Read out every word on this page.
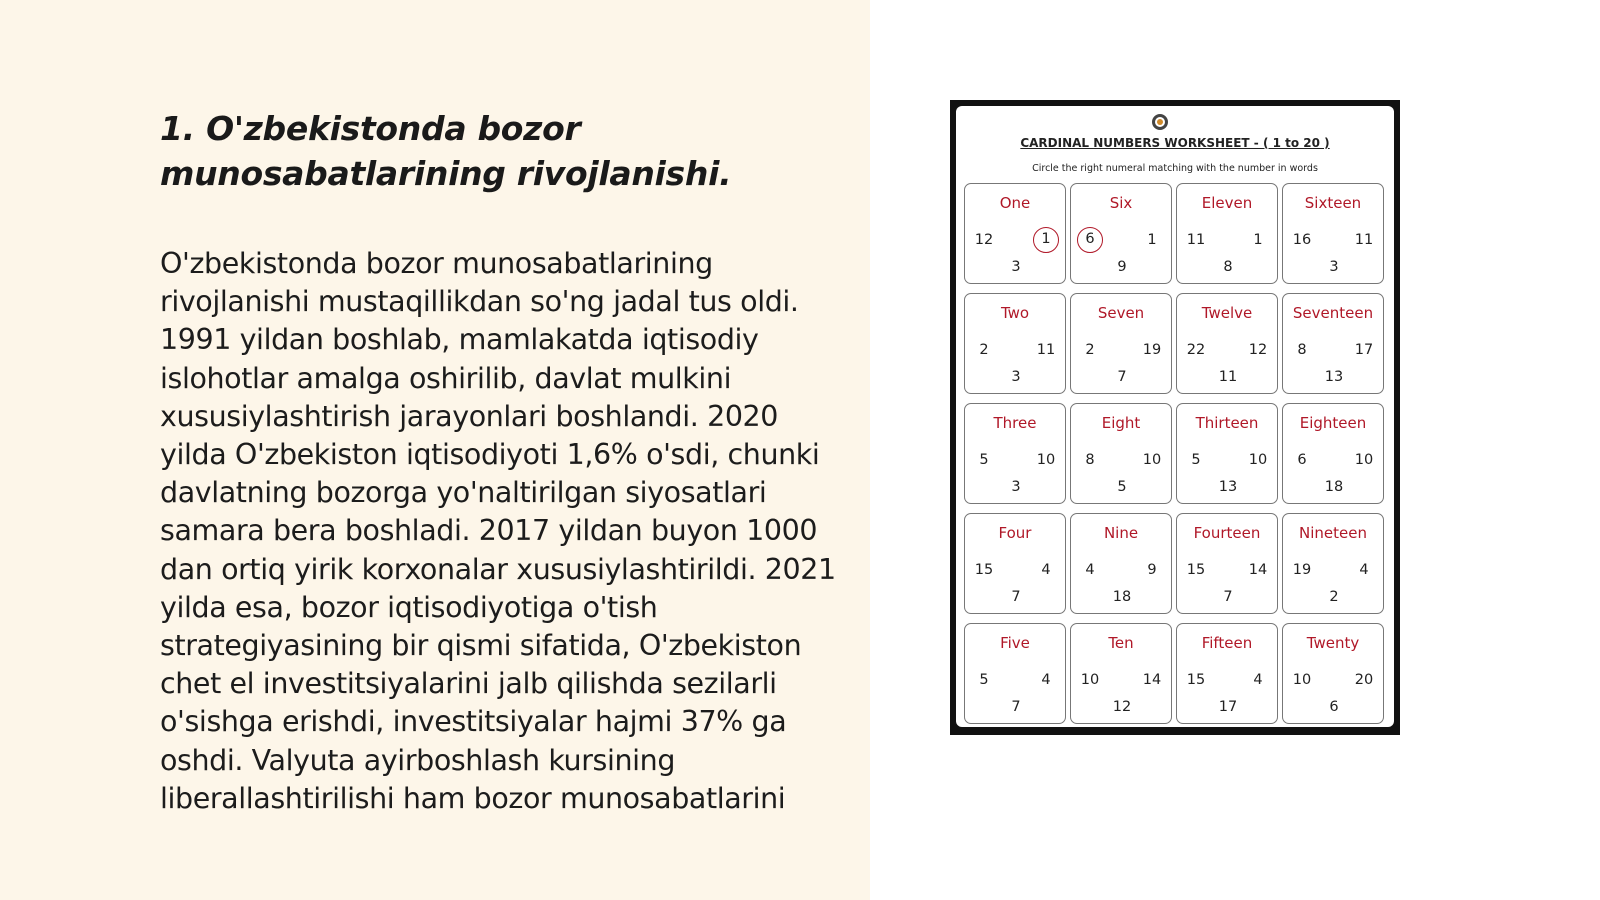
1. O'zbekistonda bozor munosabatlarining rivojlanishi.

O'zbekistonda bozor munosabatlarining rivojlanishi mustaqillikdan so'ng jadal tus oldi. 1991 yildan boshlab, mamlakatda iqtisodiy islohotlar amalga oshirilib, davlat mulkini xususiylashtirish jarayonlari boshlandi. 2020 yilda O'zbekiston iqtisodiyoti 1,6% o'sdi, chunki davlatning bozorga yo'naltirilgan siyosatlari samara bera boshladi. 2017 yildan buyon 1000 dan ortiq yirik korxonalar xususiylashtirildi. 2021 yilda esa, bozor iqtisodiyotiga o'tish strategiyasining bir qismi sifatida, O'zbekiston chet el investitsiyalarini jalb qilishda sezilarli o'sishga erishdi, investitsiyalar hajmi 37% ga oshdi. Valyuta ayirboshlash kursining liberallashtirilishi ham bozor munosabatlarini

CARDINAL NUMBERS WORKSHEET - ( 1 to 20 )
Circle the right numeral matching with the number in words
One
12	1
3
Six
6	1
9
Eleven
11	1
8
Sixteen
16	11
3
Two
2	11
3
Seven
2	19
7
Twelve
22	12
11
Seventeen
8	17
13
Three
5	10
3
Eight
8	10
5
Thirteen
5	10
13
Eighteen
6	10
18
Four
15	4
7
Nine
4	9
18
Fourteen
15	14
7
Nineteen
19	4
2
Five
5	4
7
Ten
10	14
12
Fifteen
15	4
17
Twenty
10	20
6
